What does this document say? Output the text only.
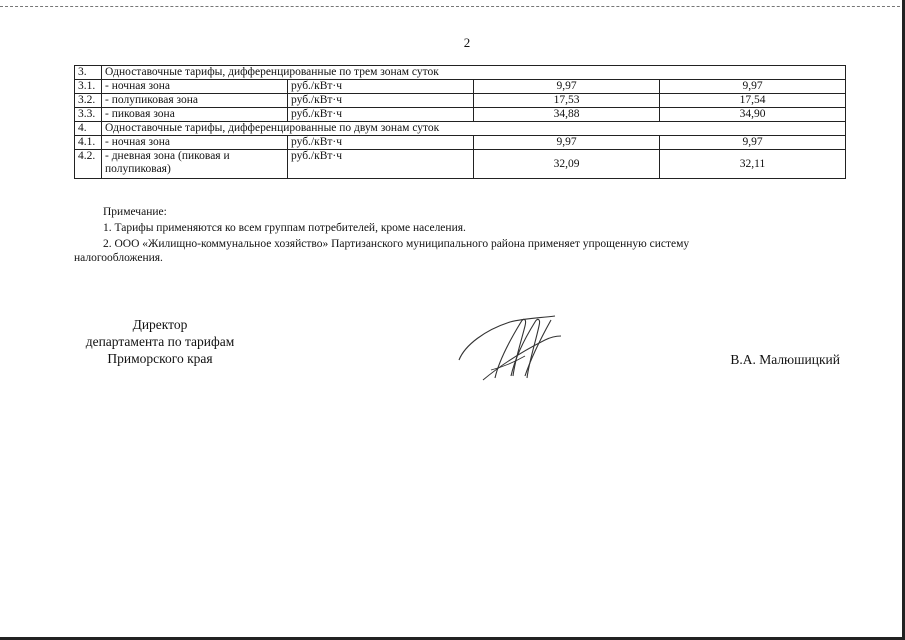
2
3.	Одноставочные тарифы, дифференцированные по трем зонам суток			
3.1.	- ночная зона	руб./кВт·ч	9,97	9,97
3.2.	- полупиковая зона	руб./кВт·ч	17,53	17,54
3.3.	- пиковая зона	руб./кВт·ч	34,88	34,90
4.	Одноставочные тарифы, дифференцированные по двум зонам суток			
4.1.	- ночная зона	руб./кВт·ч	9,97	9,97
4.2.	- дневная зона (пиковая и полупиковая)	руб./кВт·ч	32,09	32,11
Примечание:
1. Тарифы применяются ко всем группам потребителей, кроме населения.
2. ООО «Жилищно-коммунальное хозяйство» Партизанского муниципального района применяет упрощенную систему
налогообложения.
Директор
департамента по тарифам
Приморского края	В.А. Малюшицкий
